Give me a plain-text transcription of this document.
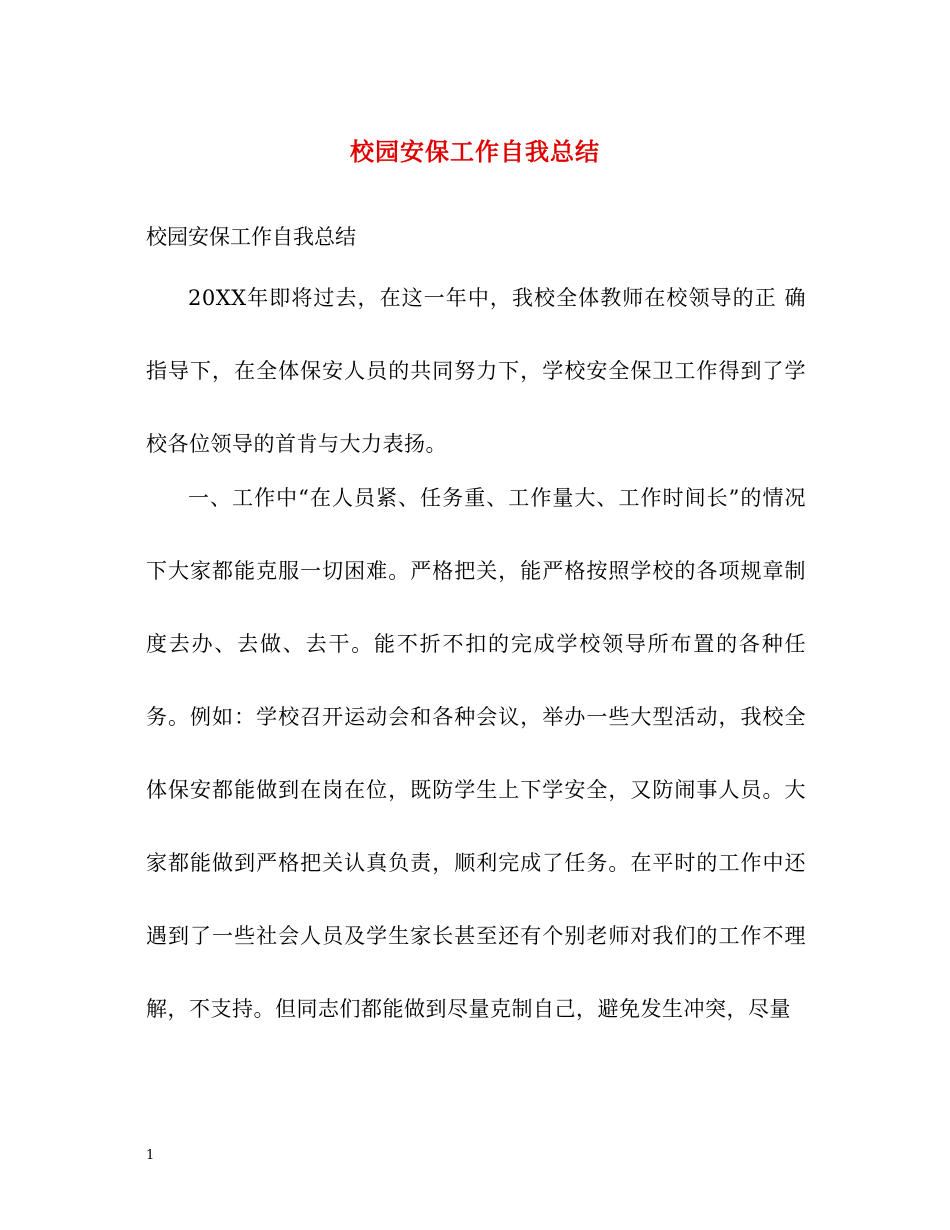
校园安保工作自我总结
校园安保工作自我总结
20XX年即将过去，在这一年中，我校全体教师在校领导的正 确指导下，在全体保安人员的共同努力下，学校安全保卫工作得到了学校各位领导的首肯与大力表扬。
一、工作中“在人员紧、任务重、工作量大、工作时间长”的情况下大家都能克服一切困难。严格把关，能严格按照学校的各项规章制度去办、去做、去干。能不折不扣的完成学校领导所布置的各种任务。例如：学校召开运动会和各种会议，举办一些大型活动，我校全体保安都能做到在岗在位，既防学生上下学安全，又防闹事人员。大家都能做到严格把关认真负责，顺利完成了任务。在平时的工作中还遇到了一些社会人员及学生家长甚至还有个别老师对我们的工作不理解，不支持。但同志们都能做到尽量克制自己，避免发生冲突，尽量
1
